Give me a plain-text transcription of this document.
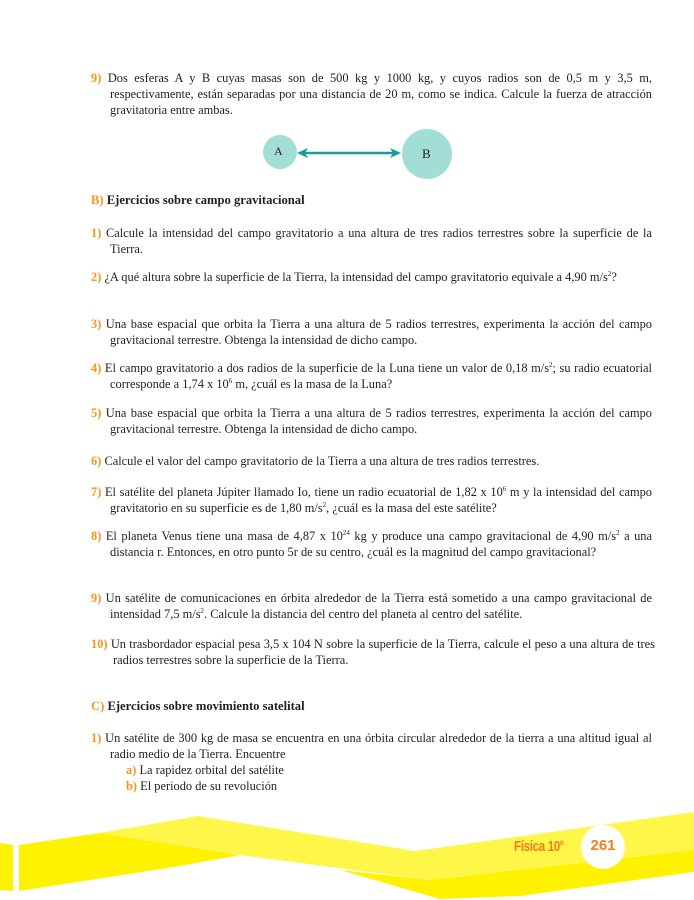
9) Dos esferas A y B cuyas masas son de 500 kg y 1000 kg, y cuyos radios son de 0,5 m y 3,5 m, respectivamente, están separadas por una distancia de 20 m, como se indica. Calcule la fuerza de atracción gravitatoria entre ambas.
A	B
B) Ejercicios sobre campo gravitacional
1) Calcule la intensidad del campo gravitatorio a una altura de tres radios terrestres sobre la superficie de la Tierra.
2) ¿A qué altura sobre la superficie de la Tierra, la intensidad del campo gravitatorio equivale a 4,90 $m/s^2$?
3) Una base espacial que orbita la Tierra a una altura de 5 radios terrestres, experimenta la acción del campo gravitacional terrestre. Obtenga la intensidad de dicho campo.
4) El campo gravitatorio a dos radios de la superficie de la Luna tiene un valor de 0,18 $m/s^2$; su radio ecuatorial corresponde a 1,74 x $10^6$ m, ¿cuál es la masa de la Luna?
5) Una base espacial que orbita la Tierra a una altura de 5 radios terrestres, experimenta la acción del campo gravitacional terrestre. Obtenga la intensidad de dicho campo.
6) Calcule el valor del campo gravitatorio de la Tierra a una altura de tres radios terrestres.
7) El satélite del planeta Júpiter llamado Io, tiene un radio ecuatorial de 1,82 x $10^6$ m y la intensidad del campo gravitatorio en su superficie es de 1,80 $m/s^2$, ¿cuál es la masa del este satélite?
8) El planeta Venus tiene una masa de 4,87 x $10^{24}$ kg y produce una campo gravitacional de 4,90 $m/s^2$ a una distancia r. Entonces, en otro punto 5r de su centro, ¿cuál es la magnitud del campo gravitacional?
9) Un satélite de comunicaciones en órbita alrededor de la Tierra está sometido a una campo gravitacional de intensidad 7,5 $m/s^2$. Calcule la distancia del centro del planeta al centro del satélite.
10) Un trasbordador espacial pesa 3,5 x 104 N sobre la superficie de la Tierra, calcule el peso a una altura de tres radios terrestres sobre la superficie de la Tierra.
C) Ejercicios sobre movimiento satelital
1) Un satélite de 300 kg de masa se encuentra en una órbita circular alrededor de la tierra a una altitud igual al radio medio de la Tierra. Encuentre
a) La rapidez orbital del satélite
b) El periodo de su revolución
Física 10$^o$	261
